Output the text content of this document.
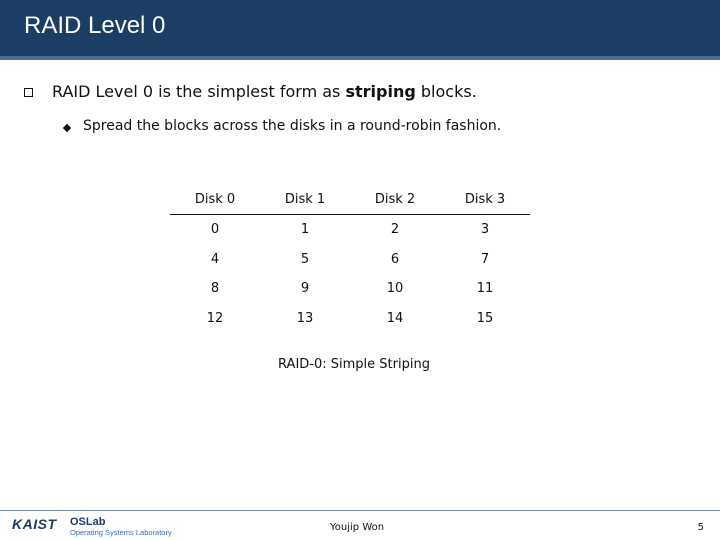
RAID Level 0
RAID Level 0 is the simplest form as striping blocks.
Spread the blocks across the disks in a round-robin fashion.
Disk 0	Disk 1	Disk 2	Disk 3
0	1	2	3
4	5	6	7
8	9	10	11
12	13	14	15
RAID-0: Simple Striping
KAIST OSLab
Operating Systems Laboratory	Youjip Won	5
